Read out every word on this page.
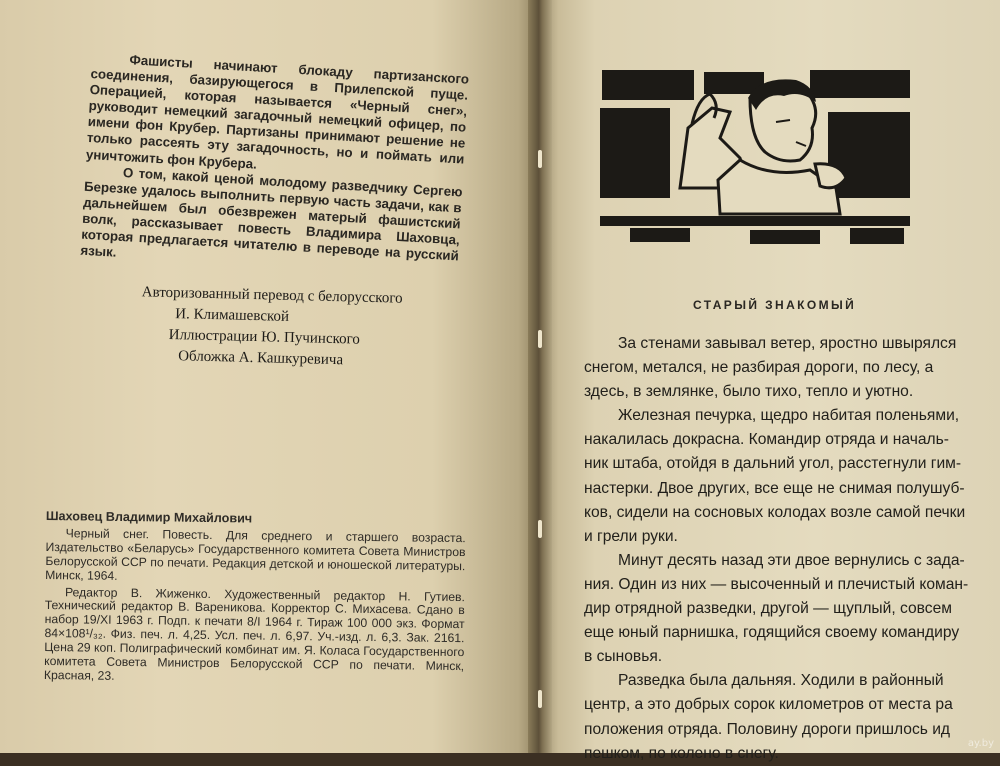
Фашисты начинают блокаду партизанского соединения, базирующегося в Прилепской пуще. Операцией, которая называется «Черный снег», руководит немецкий загадочный немецкий офицер, по имени фон Крубер. Партизаны принимают решение не только рассеять эту загадочность, но и поймать или уничтожить фон Крубера.

О том, какой ценой молодому разведчику Сергею Березке удалось выполнить первую часть задачи, как в дальнейшем был обезврежен матерый фашистский волк, рассказывает повесть Владимира Шаховца, которая предлагается читателю в переводе на русский язык.

Авторизованный перевод с белорусского
И. Климашевской
Иллюстрации Ю. Пучинского
Обложка А. Кашкуревича
Шаховец Владимир Михайлович

Черный снег. Повесть. Для среднего и старшего возраста. Издательство «Беларусь» Государственного комитета Совета Министров Белорусской ССР по печати. Редакция детской и юношеской литературы. Минск, 1964.

Редактор В. Жиженко. Художественный редактор Н. Гутиев. Технический редактор В. Вареникова. Корректор С. Михасева. Сдано в набор 19/XI 1963 г. Подп. к печати 8/I 1964 г. Тираж 100 000 экз. Формат 84×108¹/₃₂. Физ. печ. л. 4,25. Усл. печ. л. 6,97. Уч.-изд. л. 6,3. Зак. 2161. Цена 29 коп. Полиграфический комбинат им. Я. Коласа Государственного комитета Совета Министров Белорусской ССР по печати. Минск, Красная, 23.

СТАРЫЙ ЗНАКОМЫЙ
За стенами завывал ветер, яростно швырялся
снегом, метался, не разбирая дороги, по лесу, а
здесь, в землянке, было тихо, тепло и уютно.
Железная печурка, щедро набитая поленьями,
накалилась докрасна. Командир отряда и началь-
ник штаба, отойдя в дальний угол, расстегнули гим-
настерки. Двое других, все еще не снимая полушуб-
ков, сидели на сосновых колодах возле самой печки
и грели руки.
Минут десять назад эти двое вернулись с зада-
ния. Один из них — высоченный и плечистый коман-
дир отрядной разведки, другой — щуплый, совсем
еще юный парнишка, годящийся своему командиру
в сыновья.
Разведка была дальняя. Ходили в районный
центр, а это добрых сорок километров от места ра
положения отряда. Половину дороги пришлось ид
пешком, по колено в снегу.
ay.by
